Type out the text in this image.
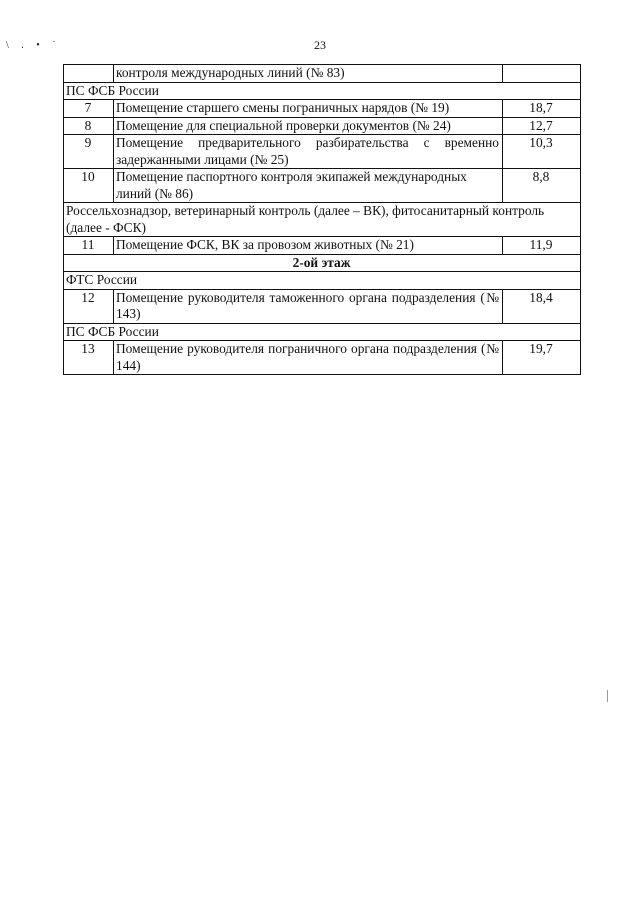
\ . • ˙	23
	контроля международных линий (№ 83)	
ПС ФСБ России		
7	Помещение старшего смены пограничных нарядов (№ 19)	18,7
8	Помещение для специальной проверки документов (№ 24)	12,7
9	Помещение предварительного разбирательства с временно задержанными лицами (№ 25)	10,3
10	Помещение паспортного контроля экипажей международных линий (№ 86)	8,8
Россельхознадзор, ветеринарный контроль (далее – ВК), фитосанитарный контроль (далее - ФСК)		
11	Помещение ФСК, ВК за провозом животных (№ 21)	11,9
2-ой этаж		
ФТС России		
12	Помещение руководителя таможенного органа подразделения (№ 143)	18,4
ПС ФСБ России		
13	Помещение руководителя пограничного органа подразделения (№ 144)	19,7
